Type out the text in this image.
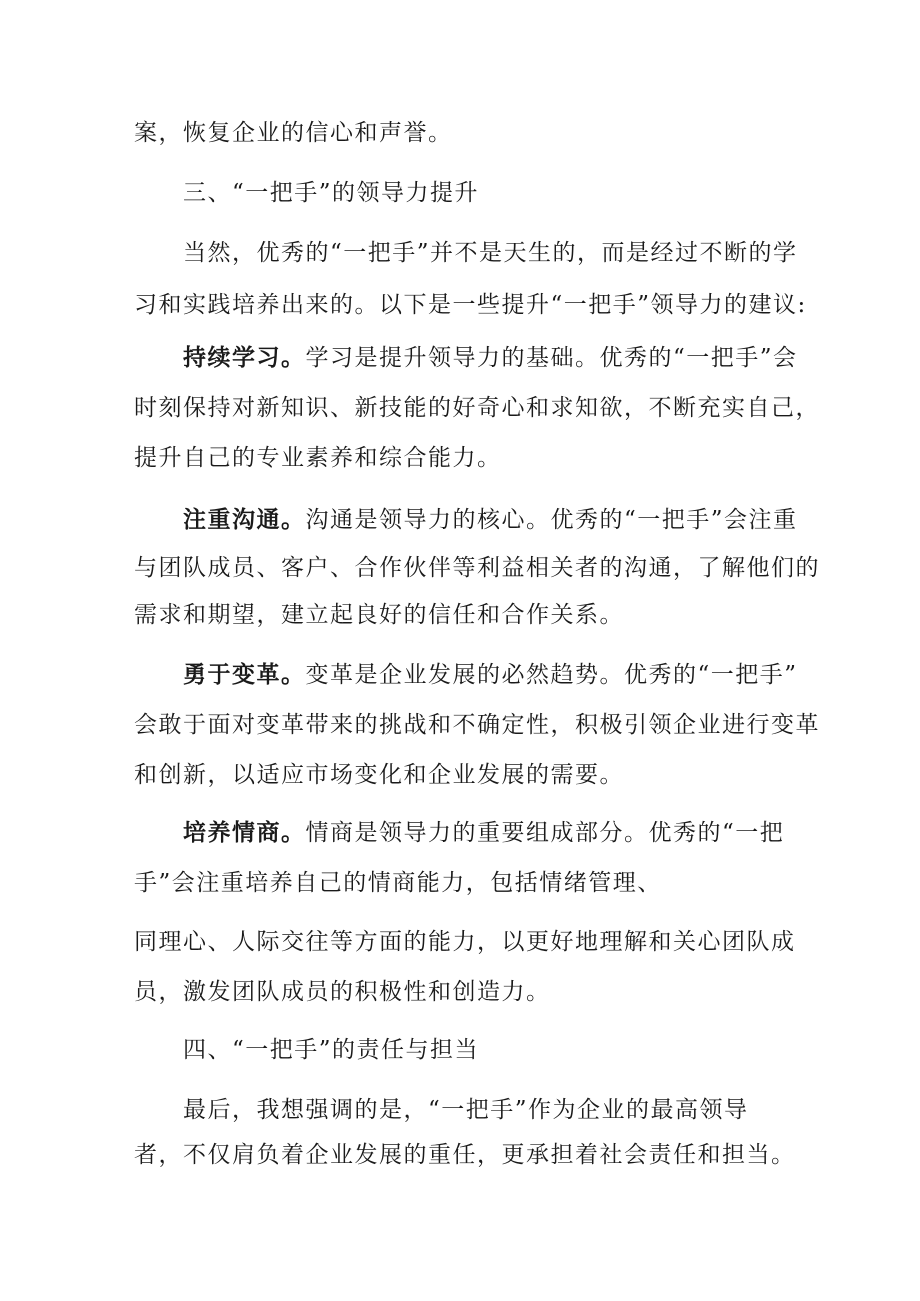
案，恢复企业的信心和声誉。
三、“一把手”的领导力提升
当然，优秀的“一把手”并不是天生的，而是经过不断的学
习和实践培养出来的。以下是一些提升“一把手”领导力的建议:
持续学习。学习是提升领导力的基础。优秀的“一把手”会
时刻保持对新知识、新技能的好奇心和求知欲，不断充实自己，
提升自己的专业素养和综合能力。
注重沟通。沟通是领导力的核心。优秀的“一把手”会注重
与团队成员、客户、合作伙伴等利益相关者的沟通，了解他们的
需求和期望，建立起良好的信任和合作关系。
勇于变革。变革是企业发展的必然趋势。优秀的“一把手”
会敢于面对变革带来的挑战和不确定性，积极引领企业进行变革
和创新，以适应市场变化和企业发展的需要。
培养情商。情商是领导力的重要组成部分。优秀的“一把
手”会注重培养自己的情商能力，包括情绪管理、
同理心、人际交往等方面的能力，以更好地理解和关心团队成
员，激发团队成员的积极性和创造力。
四、“一把手”的责任与担当
最后，我想强调的是，“一把手”作为企业的最高领导
者，不仅肩负着企业发展的重任，更承担着社会责任和担当。
